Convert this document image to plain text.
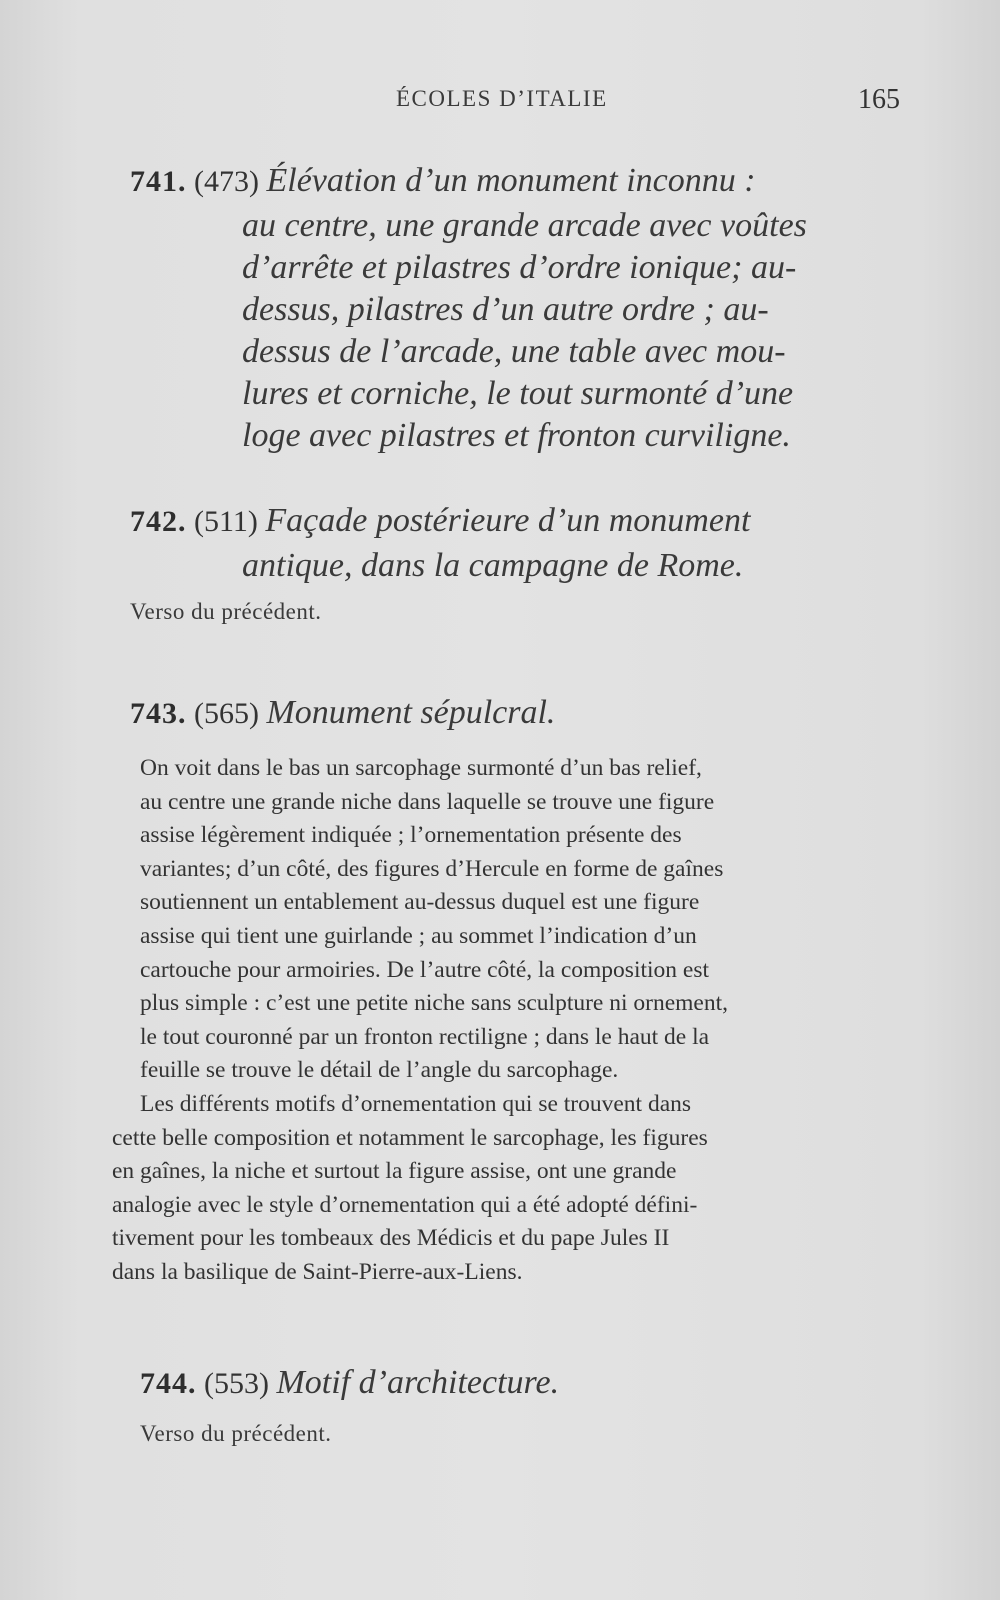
ÉCOLES D’ITALIE	165
741. (473) Élévation d’un monument inconnu :
au centre, une grande arcade avec voûtes
d’arrête et pilastres d’ordre ionique; au-
dessus, pilastres d’un autre ordre ; au-
dessus de l’arcade, une table avec mou-
lures et corniche, le tout surmonté d’une
loge avec pilastres et fronton curviligne.
742. (511) Façade postérieure d’un monument
antique, dans la campagne de Rome.
Verso du précédent.
743. (565) Monument sépulcral.

On voit dans le bas un sarcophage surmonté d’un bas relief,
au centre une grande niche dans laquelle se trouve une figure
assise légèrement indiquée ; l’ornementation présente des
variantes; d’un côté, des figures d’Hercule en forme de gaînes
soutiennent un entablement au-dessus duquel est une figure
assise qui tient une guirlande ; au sommet l’indication d’un
cartouche pour armoiries. De l’autre côté, la composition est
plus simple : c’est une petite niche sans sculpture ni ornement,
le tout couronné par un fronton rectiligne ; dans le haut de la
feuille se trouve le détail de l’angle du sarcophage.

Les différents motifs d’ornementation qui se trouvent dans
cette belle composition et notamment le sarcophage, les figures
en gaînes, la niche et surtout la figure assise, ont une grande
analogie avec le style d’ornementation qui a été adopté défini-
tivement pour les tombeaux des Médicis et du pape Jules II
dans la basilique de Saint-Pierre-aux-Liens.

744. (553) Motif d’architecture.
Verso du précédent.
